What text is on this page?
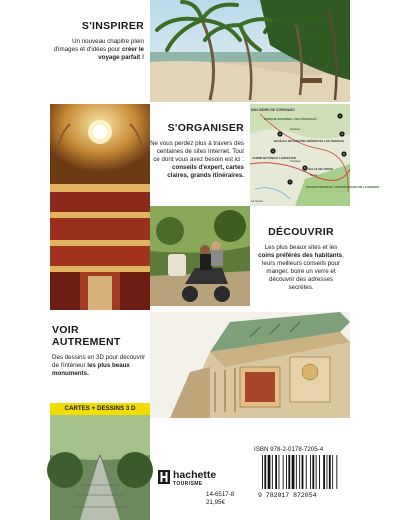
S'INSPIRER
Un nouveau chapitre plein d'images et d'idées pour créer le voyage parfait !
S'ORGANISER
Ne vous perdez plus à travers des centaines de sites Internet. Tout ce dont vous avez besoin est ici : conseils d'expert, cartes claires, grands itinéraires.
SAN ISIDRO DE CORONADO
PARQUE NACIONAL VOLCÁN IRAZÚ
Paraíso
BASÍLICA DE NUESTRA SEÑORA DE LOS ÁNGELES
JARDÍN BOTÁNICO LANKESTER
Cartago
VALLE DE OROSI
Orosi
PARQUE NACIONAL TAPANTÍ-MACIZO DE LA MUERTE
La Suiza
1
2	3
4
5
6
7
DÉCOUVRIR
Les plus beaux sites et les coins préférés des habitants, leurs meilleurs conseils pour manger, boire un verre et découvrir des adresses secrètes.
VOIR
AUTREMENT
Des dessins en 3D pour découvrir de l'intérieur les plus beaux monuments.
CARTES + DESSINS 3 D
hachette
TOURISME
14-6517-8
21,95€
ISBN 978-2-0178-7205-4
9 782017 872054
